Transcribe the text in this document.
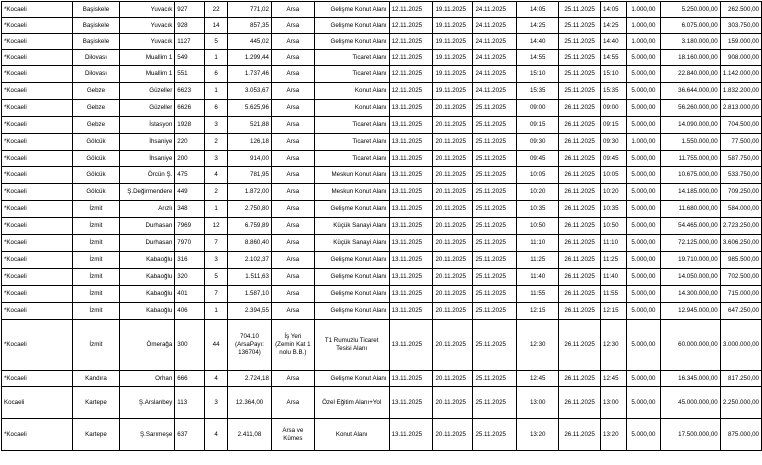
*Kocaeli	Başiskele	Yuvacık	927	22	771,02	Arsa	Gelişme Konut Alanı	12.11.2025	19.11.2025	24.11.2025	14:05	25.11.2025	14:05	1.000,00	5.250.000,00	262.500,00
*Kocaeli	Başiskele	Yuvacık	928	14	857,35	Arsa	Gelişme Konut Alanı	12.11.2025	19.11.2025	24.11.2025	14:25	25.11.2025	14:25	1.000,00	6.075.000,00	303.750,00
*Kocaeli	Başiskele	Yuvacık	1127	5	445,02	Arsa	Gelişme Konut Alanı	12.11.2025	19.11.2025	24.11.2025	14:40	25.11.2025	14:40	1.000,00	3.180.000,00	159.000,00
*Kocaeli	Dilovası	Muallim 1	549	1	1.299,44	Arsa	Ticaret Alanı	12.11.2025	19.11.2025	24.11.2025	14:55	25.11.2025	14:55	5.000,00	18.160.000,00	908.000,00
*Kocaeli	Dilovası	Muallim 1	551	6	1.737,46	Arsa	Ticaret Alanı	12.11.2025	19.11.2025	24.11.2025	15:10	25.11.2025	15:10	5.000,00	22.840.000,00	1.142.000,00
*Kocaeli	Gebze	Güzeller	6623	1	3.053,67	Arsa	Konut Alanı	12.11.2025	19.11.2025	24.11.2025	15:35	25.11.2025	15:35	5.000,00	36.644.000,00	1.832.200,00
*Kocaeli	Gebze	Güzeller	6626	6	5.625,96	Arsa	Konut Alanı	13.11.2025	20.11.2025	25.11.2025	09:00	26.11.2025	09:00	5.000,00	56.260.000,00	2.813.000,00
*Kocaeli	Gebze	İstasyon	1928	3	521,88	Arsa	Ticaret Alanı	13.11.2025	20.11.2025	25.11.2025	09:15	26.11.2025	09:15	5.000,00	14.090.000,00	704.500,00
*Kocaeli	Gölcük	İhsaniye	220	2	126,18	Arsa	Ticaret Alanı	13.11.2025	20.11.2025	25.11.2025	09:30	26.11.2025	09:30	1.000,00	1.550.000,00	77.500,00
*Kocaeli	Gölcük	İhsaniye	200	3	914,00	Arsa	Ticaret Alanı	13.11.2025	20.11.2025	25.11.2025	09:45	26.11.2025	09:45	5.000,00	11.755.000,00	587.750,00
*Kocaeli	Gölcük	Örcün Ş.	475	4	781,95	Arsa	Meskun Konut Alanı	13.11.2025	20.11.2025	25.11.2025	10:05	26.11.2025	10:05	5.000,00	10.675.000,00	533.750,00
*Kocaeli	Gölcük	Ş.Değirmendere	449	2	1.872,00	Arsa	Meskun Konut Alanı	13.11.2025	20.11.2025	25.11.2025	10:20	26.11.2025	10:20	5.000,00	14.185.000,00	709.250,00
*Kocaeli	İzmit	Arızlı	348	1	2.750,80	Arsa	Gelişme Konut Alanı	13.11.2025	20.11.2025	25.11.2025	10:35	26.11.2025	10:35	5.000,00	11.680.000,00	584.000,00
*Kocaeli	İzmit	Durhasan	7969	12	6.759,89	Arsa	Küçük Sanayi Alanı	13.11.2025	20.11.2025	25.11.2025	10:50	26.11.2025	10:50	5.000,00	54.465.000,00	2.723.250,00
*Kocaeli	İzmit	Durhasan	7970	7	8.860,40	Arsa	Küçük Sanayi Alanı	13.11.2025	20.11.2025	25.11.2025	11:10	26.11.2025	11:10	5.000,00	72.125.000,00	3.606.250,00
*Kocaeli	İzmit	Kabaoğlu	316	3	2.102,37	Arsa	Gelişme Konut Alanı	13.11.2025	20.11.2025	25.11.2025	11:25	26.11.2025	11:25	5.000,00	19.710.000,00	985.500,00
*Kocaeli	İzmit	Kabaoğlu	320	5	1.511,63	Arsa	Gelişme Konut Alanı	13.11.2025	20.11.2025	25.11.2025	11:40	26.11.2025	11:40	5.000,00	14.050.000,00	702.500,00
*Kocaeli	İzmit	Kabaoğlu	401	7	1.587,10	Arsa	Gelişme Konut Alanı	13.11.2025	20.11.2025	25.11.2025	11:55	26.11.2025	11:55	5.000,00	14.300.000,00	715.000,00
*Kocaeli	İzmit	Kabaoğlu	406	1	2.394,55	Arsa	Gelişme Konut Alanı	13.11.2025	20.11.2025	25.11.2025	12:15	26.11.2025	12:15	5.000,00	12.945.000,00	647.250,00
*Kocaeli	İzmit	Ömerağa	300	44	704.10 (ArsaPayı: 136704)	İş Yeri (Zemin Kat 1 nolu B.B.)	T1 Rumuzlu Ticaret Tesisi Alanı	13.11.2025	20.11.2025	25.11.2025	12:30	26.11.2025	12:30	5.000,00	60.000.000,00	3.000.000,00
*Kocaeli	Kandıra	Orhan	666	4	2.724,18	Arsa	Gelişme Konut Alanı	13.11.2025	20.11.2025	25.11.2025	12:45	26.11.2025	12:45	5.000,00	16.345.000,00	817.250,00
Kocaeli	Kartepe	Ş.Arslanbey	113	3	12.364,00	Arsa	Özel Eğitim Alanı+Yol	13.11.2025	20.11.2025	25.11.2025	13:00	26.11.2025	13:00	5.000,00	45.000.000,00	2.250.000,00
*Kocaeli	Kartepe	Ş.Sarımeşe	637	4	2.411,08	Arsa ve Kümes	Konut Alanı	13.11.2025	20.11.2025	25.11.2025	13:20	26.11.2025	13:20	5.000,00	17.500.000,00	875.000,00
